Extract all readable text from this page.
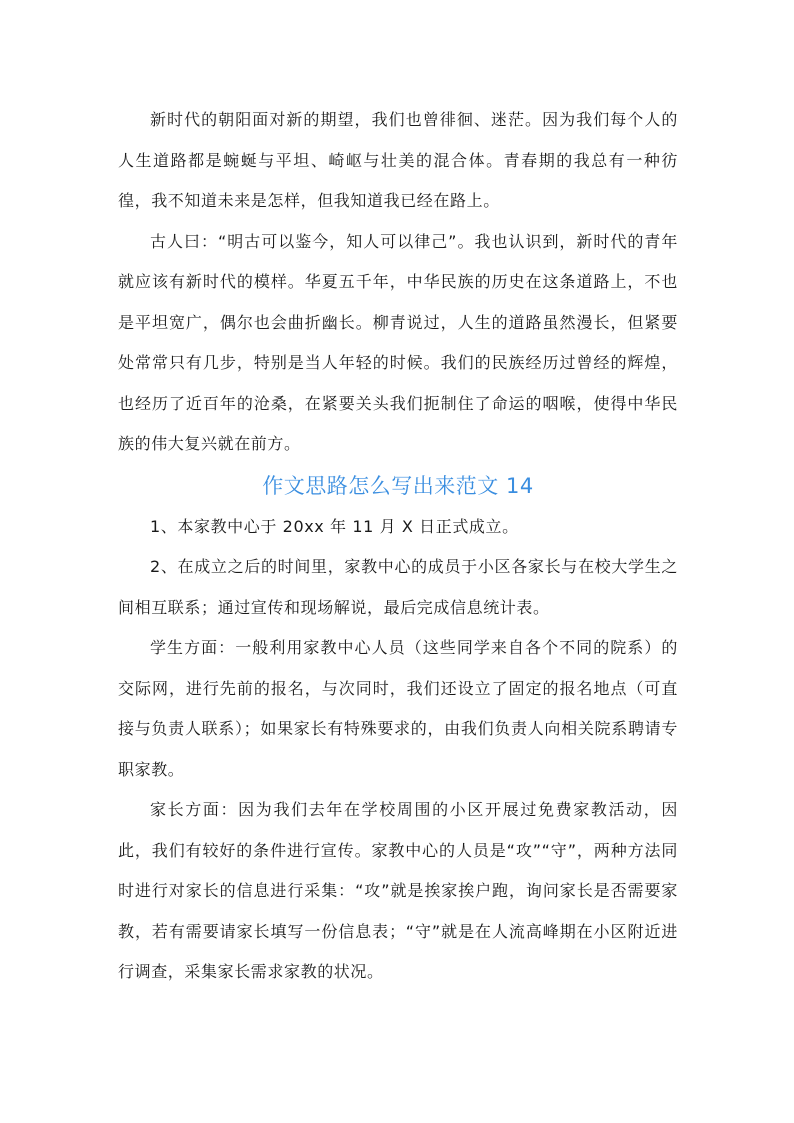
新时代的朝阳面对新的期望，我们也曾徘徊、迷茫。因为我们每个人的人生道路都是蜿蜒与平坦、崎岖与壮美的混合体。青春期的我总有一种彷徨，我不知道未来是怎样，但我知道我已经在路上。

古人曰：“明古可以鉴今，知人可以律己”。我也认识到，新时代的青年就应该有新时代的模样。华夏五千年，中华民族的历史在这条道路上，不也是平坦宽广，偶尔也会曲折幽长。柳青说过，人生的道路虽然漫长，但紧要处常常只有几步，特别是当人年轻的时候。我们的民族经历过曾经的辉煌，也经历了近百年的沧桑，在紧要关头我们扼制住了命运的咽喉，使得中华民族的伟大复兴就在前方。

作文思路怎么写出来范文 14

1、本家教中心于 20xx 年 11 月 X 日正式成立。

2、在成立之后的时间里，家教中心的成员于小区各家长与在校大学生之间相互联系；通过宣传和现场解说，最后完成信息统计表。

学生方面：一般利用家教中心人员（这些同学来自各个不同的院系）的交际网，进行先前的报名，与次同时，我们还设立了固定的报名地点（可直接与负责人联系）；如果家长有特殊要求的，由我们负责人向相关院系聘请专职家教。

家长方面：因为我们去年在学校周围的小区开展过免费家教活动，因此，我们有较好的条件进行宣传。家教中心的人员是“攻”“守”，两种方法同时进行对家长的信息进行采集：“攻”就是挨家挨户跑，询问家长是否需要家教，若有需要请家长填写一份信息表；“守”就是在人流高峰期在小区附近进行调查，采集家长需求家教的状况。
